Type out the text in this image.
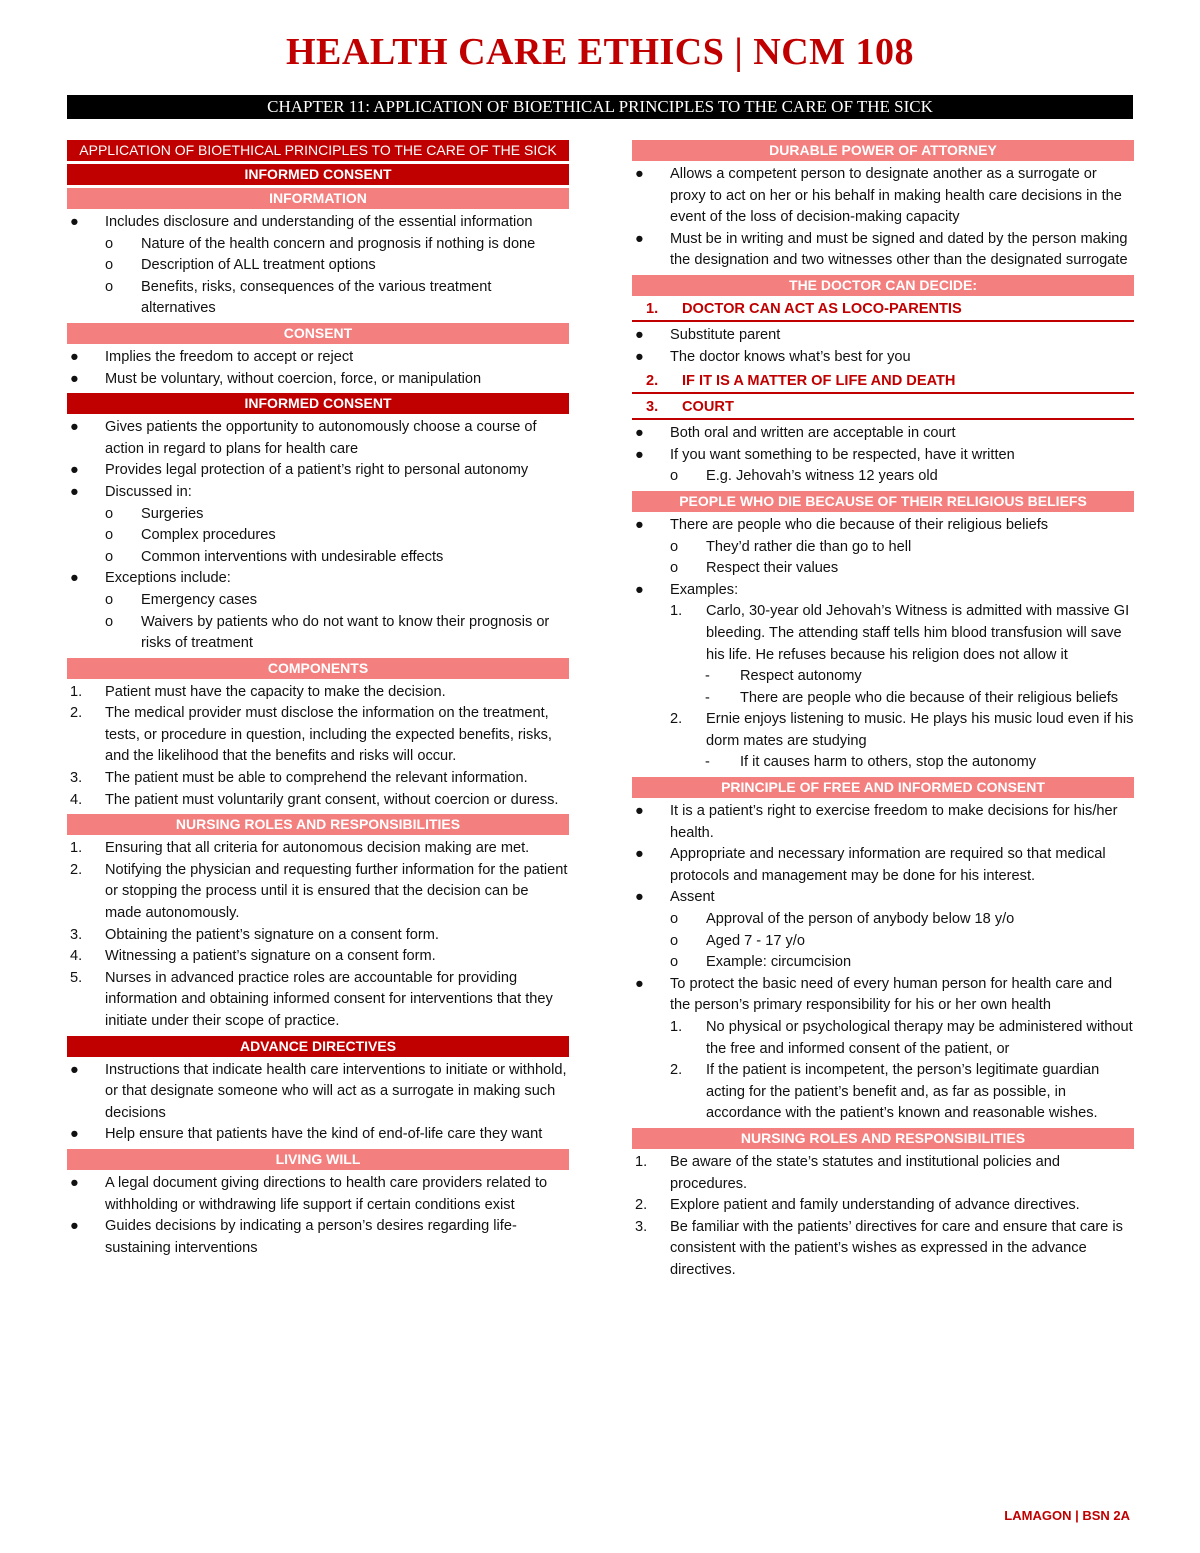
HEALTH CARE ETHICS | NCM 108
CHAPTER 11: APPLICATION OF BIOETHICAL PRINCIPLES TO THE CARE OF THE SICK
APPLICATION OF BIOETHICAL PRINCIPLES TO THE CARE OF THE SICK
INFORMED CONSENT
INFORMATION
●	Includes disclosure and understanding of the essential information
o	Nature of the health concern and prognosis if nothing is done
o	Description of ALL treatment options
o	Benefits, risks, consequences of the various treatment alternatives
CONSENT
●	Implies the freedom to accept or reject
●	Must be voluntary, without coercion, force, or manipulation
INFORMED CONSENT
●	Gives patients the opportunity to autonomously choose a course of action in regard to plans for health care
●	Provides legal protection of a patient’s right to personal autonomy
●	Discussed in:
o	Surgeries
o	Complex procedures
o	Common interventions with undesirable effects
●	Exceptions include:
o	Emergency cases
o	Waivers by patients who do not want to know their prognosis or risks of treatment
COMPONENTS
1.	Patient must have the capacity to make the decision.
2.	The medical provider must disclose the information on the treatment, tests, or procedure in question, including the expected benefits, risks, and the likelihood that the benefits and risks will occur.
3.	The patient must be able to comprehend the relevant information.
4.	The patient must voluntarily grant consent, without coercion or duress.
NURSING ROLES AND RESPONSIBILITIES
1.	Ensuring that all criteria for autonomous decision making are met.
2.	Notifying the physician and requesting further information for the patient or stopping the process until it is ensured that the decision can be made autonomously.
3.	Obtaining the patient’s signature on a consent form.
4.	Witnessing a patient’s signature on a consent form.
5.	Nurses in advanced practice roles are accountable for providing information and obtaining informed consent for interventions that they initiate under their scope of practice.
ADVANCE DIRECTIVES
●	Instructions that indicate health care interventions to initiate or withhold, or that designate someone who will act as a surrogate in making such decisions
●	Help ensure that patients have the kind of end-of-life care they want
LIVING WILL
●	A legal document giving directions to health care providers related to withholding or withdrawing life support if certain conditions exist
●	Guides decisions by indicating a person’s desires regarding life-sustaining interventions
DURABLE POWER OF ATTORNEY
●	Allows a competent person to designate another as a surrogate or proxy to act on her or his behalf in making health care decisions in the event of the loss of decision-making capacity
●	Must be in writing and must be signed and dated by the person making the designation and two witnesses other than the designated surrogate
THE DOCTOR CAN DECIDE:
1. DOCTOR CAN ACT AS LOCO-PARENTIS
●	Substitute parent
●	The doctor knows what’s best for you
2. IF IT IS A MATTER OF LIFE AND DEATH
3. COURT
●	Both oral and written are acceptable in court
●	If you want something to be respected, have it written
o	E.g. Jehovah’s witness 12 years old
PEOPLE WHO DIE BECAUSE OF THEIR RELIGIOUS BELIEFS
●	There are people who die because of their religious beliefs
o	They’d rather die than go to hell
o	Respect their values
●	Examples:
1.	Carlo, 30-year old Jehovah’s Witness is admitted with massive GI bleeding. The attending staff tells him blood transfusion will save his life. He refuses because his religion does not allow it
-	Respect autonomy
-	There are people who die because of their religious beliefs
2.	Ernie enjoys listening to music. He plays his music loud even if his dorm mates are studying
-	If it causes harm to others, stop the autonomy
PRINCIPLE OF FREE AND INFORMED CONSENT
●	It is a patient’s right to exercise freedom to make decisions for his/her health.
●	Appropriate and necessary information are required so that medical protocols and management may be done for his interest.
●	Assent
o	Approval of the person of anybody below 18 y/o
o	Aged 7 - 17 y/o
o	Example: circumcision
●	To protect the basic need of every human person for health care and the person’s primary responsibility for his or her own health
1.	No physical or psychological therapy may be administered without the free and informed consent of the patient, or
2.	If the patient is incompetent, the person’s legitimate guardian acting for the patient’s benefit and, as far as possible, in accordance with the patient’s known and reasonable wishes.
NURSING ROLES AND RESPONSIBILITIES
1.	Be aware of the state’s statutes and institutional policies and procedures.
2.	Explore patient and family understanding of advance directives.
3.	Be familiar with the patients’ directives for care and ensure that care is consistent with the patient’s wishes as expressed in the advance directives.
LAMAGON | BSN 2A
